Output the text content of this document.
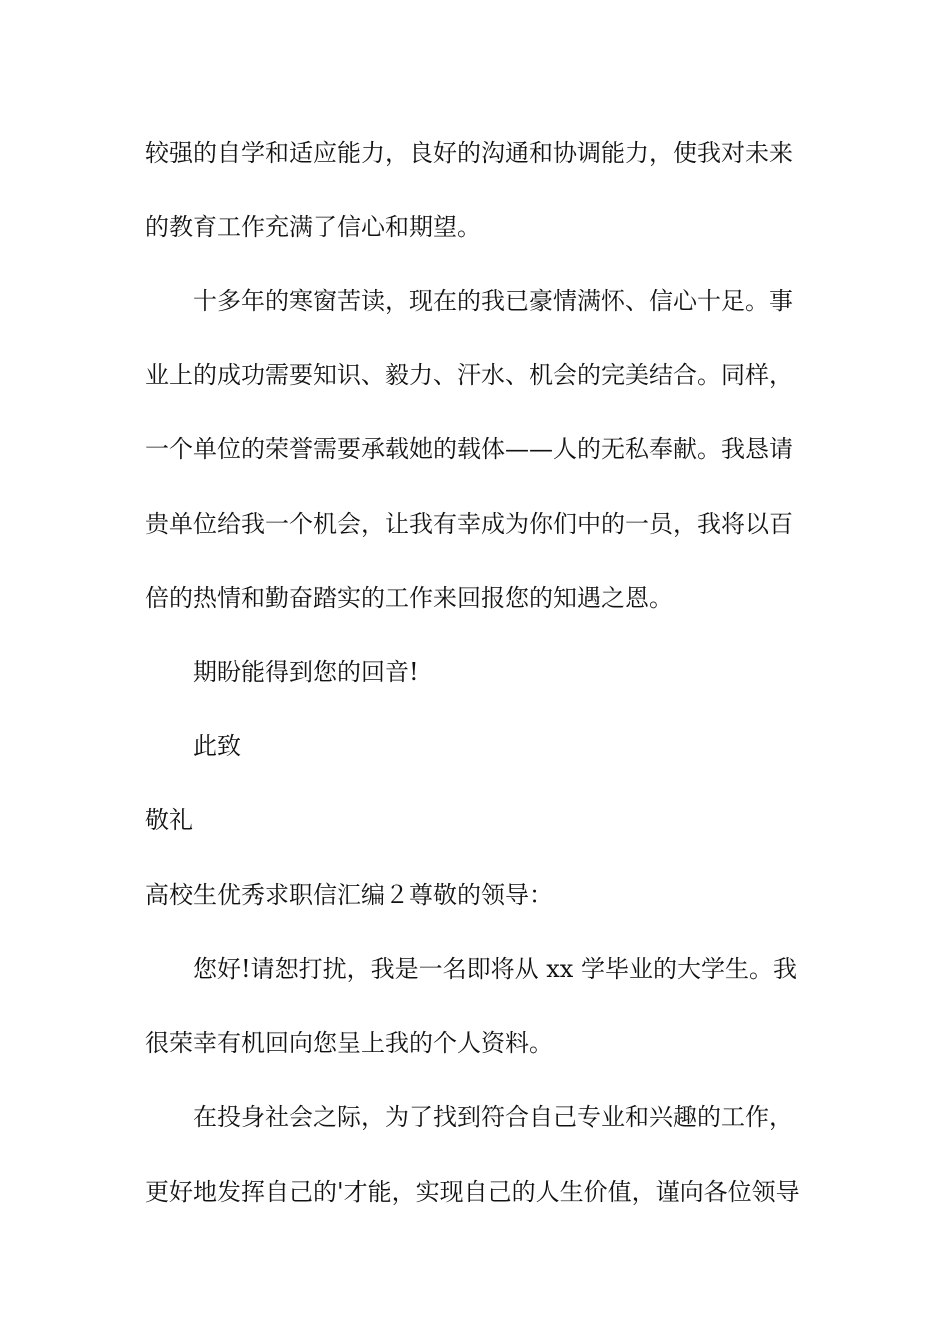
较强的自学和适应能力，良好的沟通和协调能力，使我对未来
的教育工作充满了信心和期望。
十多年的寒窗苦读，现在的我已豪情满怀、信心十足。事
业上的成功需要知识、毅力、汗水、机会的完美结合。同样，
一个单位的荣誉需要承载她的载体——人的无私奉献。我恳请
贵单位给我一个机会，让我有幸成为你们中的一员，我将以百
倍的热情和勤奋踏实的工作来回报您的知遇之恩。
期盼能得到您的回音!
此致
敬礼
高校生优秀求职信汇编２尊敬的领导：
您好!请恕打扰，我是一名即将从 xx 学毕业的大学生。我
很荣幸有机回向您呈上我的个人资料。
在投身社会之际，为了找到符合自己专业和兴趣的工作，
更好地发挥自己的'才能，实现自己的人生价值，谨向各位领导
